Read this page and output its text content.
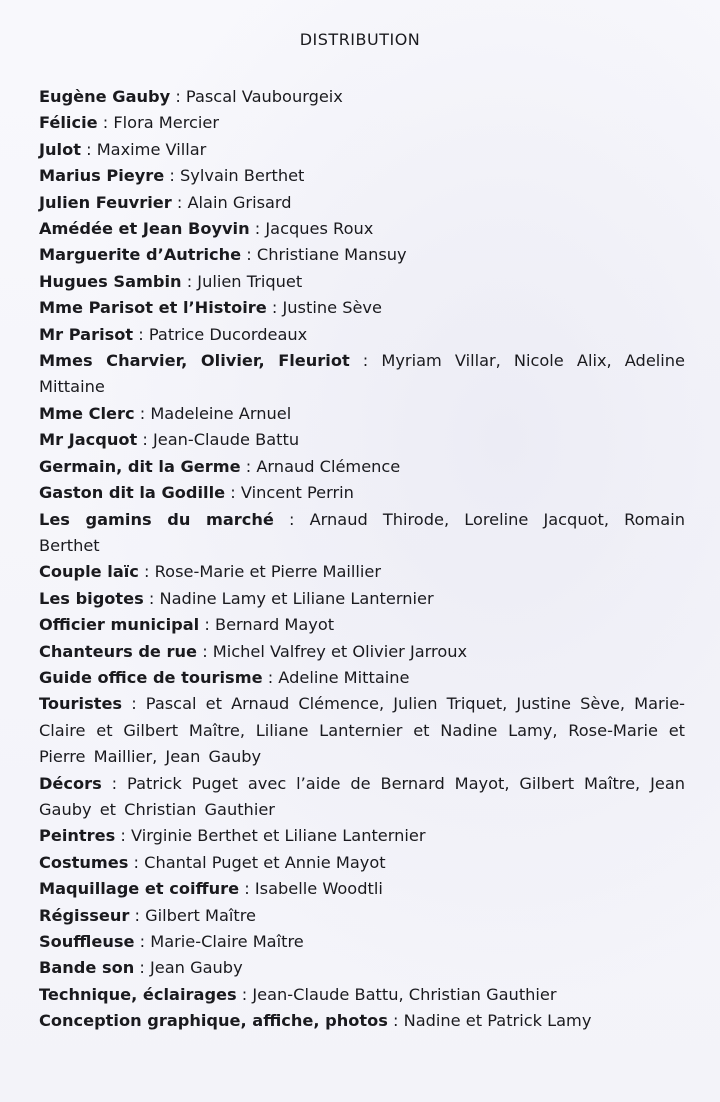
DISTRIBUTION
Eugène Gauby : Pascal Vaubourgeix
Félicie : Flora Mercier
Julot : Maxime Villar
Marius Pieyre : Sylvain Berthet
Julien Feuvrier : Alain Grisard
Amédée et Jean Boyvin : Jacques Roux
Marguerite d’Autriche : Christiane Mansuy
Hugues Sambin : Julien Triquet
Mme Parisot et l’Histoire : Justine Sève
Mr Parisot : Patrice Ducordeaux
Mmes Charvier, Olivier, Fleuriot : Myriam Villar, Nicole Alix, Adeline Mittaine
Mme Clerc : Madeleine Arnuel
Mr Jacquot : Jean-Claude Battu
Germain, dit la Germe : Arnaud Clémence
Gaston dit la Godille : Vincent Perrin
Les gamins du marché : Arnaud Thirode, Loreline Jacquot, Romain Berthet
Couple laïc : Rose-Marie et Pierre Maillier
Les bigotes : Nadine Lamy et Liliane Lanternier
Officier municipal : Bernard Mayot
Chanteurs de rue : Michel Valfrey et Olivier Jarroux
Guide office de tourisme : Adeline Mittaine
Touristes : Pascal et Arnaud Clémence, Julien Triquet, Justine Sève, Marie-Claire et Gilbert Maître, Liliane Lanternier et Nadine Lamy, Rose-Marie et Pierre Maillier, Jean Gauby
Décors : Patrick Puget avec l’aide de Bernard Mayot, Gilbert Maître, Jean Gauby et Christian Gauthier
Peintres : Virginie Berthet et Liliane Lanternier
Costumes : Chantal Puget et Annie Mayot
Maquillage et coiffure : Isabelle Woodtli
Régisseur : Gilbert Maître
Souffleuse : Marie-Claire Maître
Bande son : Jean Gauby
Technique, éclairages : Jean-Claude Battu, Christian Gauthier
Conception graphique, affiche, photos : Nadine et Patrick Lamy
